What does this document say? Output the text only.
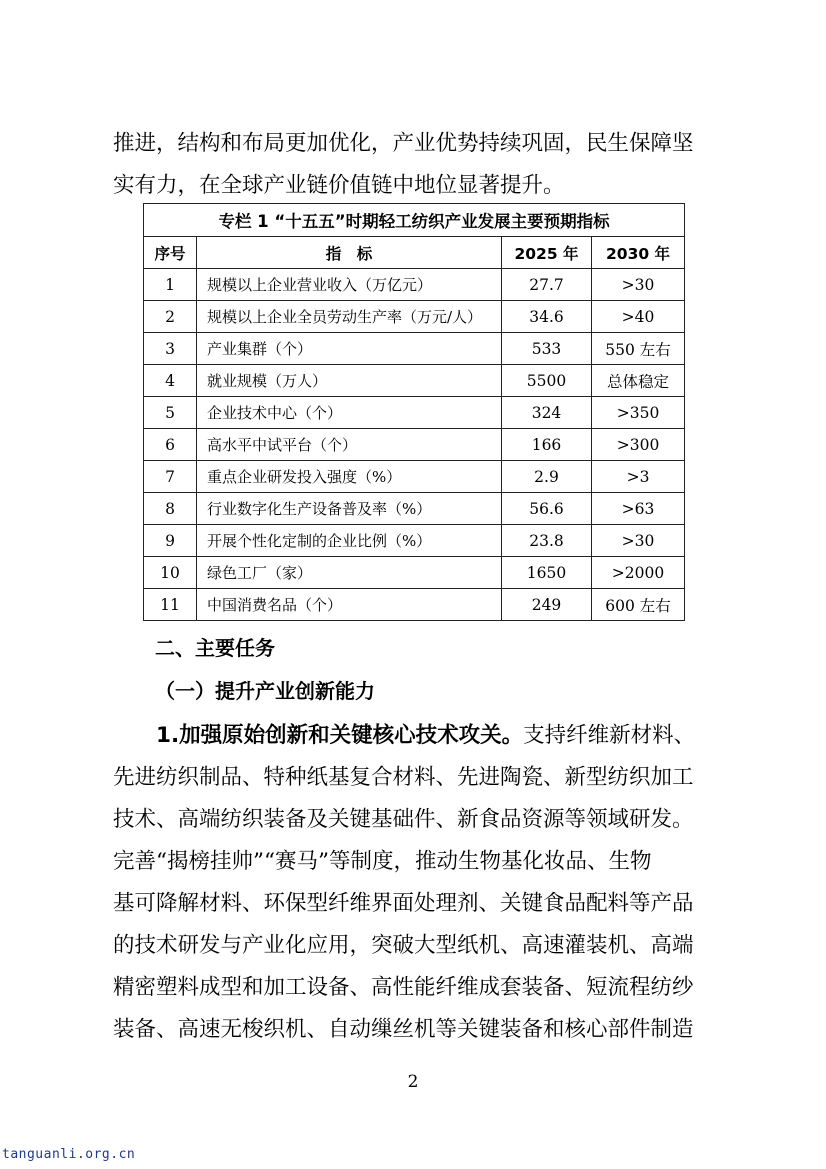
推进，结构和布局更加优化，产业优势持续巩固，民生保障坚
实有力，在全球产业链价值链中地位显著提升。
专栏 1 “十五五”时期轻工纺织产业发展主要预期指标			
序号	指　标	2025 年	2030 年
1	规模以上企业营业收入（万亿元）	27.7	>30
2	规模以上企业全员劳动生产率（万元/人）	34.6	>40
3	产业集群（个）	533	550 左右
4	就业规模（万人）	5500	总体稳定
5	企业技术中心（个）	324	>350
6	高水平中试平台（个）	166	>300
7	重点企业研发投入强度（%）	2.9	>3
8	行业数字化生产设备普及率（%）	56.6	>63
9	开展个性化定制的企业比例（%）	23.8	>30
10	绿色工厂（家）	1650	>2000
11	中国消费名品（个）	249	600 左右
二、主要任务
（一）提升产业创新能力
1.加强原始创新和关键核心技术攻关。支持纤维新材料、
先进纺织制品、特种纸基复合材料、先进陶瓷、新型纺织加工
技术、高端纺织装备及关键基础件、新食品资源等领域研发。
完善“揭榜挂帅”“赛马”等制度，推动生物基化妆品、生物
基可降解材料、环保型纤维界面处理剂、关键食品配料等产品
的技术研发与产业化应用，突破大型纸机、高速灌装机、高端
精密塑料成型和加工设备、高性能纤维成套装备、短流程纺纱
装备、高速无梭织机、自动缫丝机等关键装备和核心部件制造
2
tanguanli.org.cn
